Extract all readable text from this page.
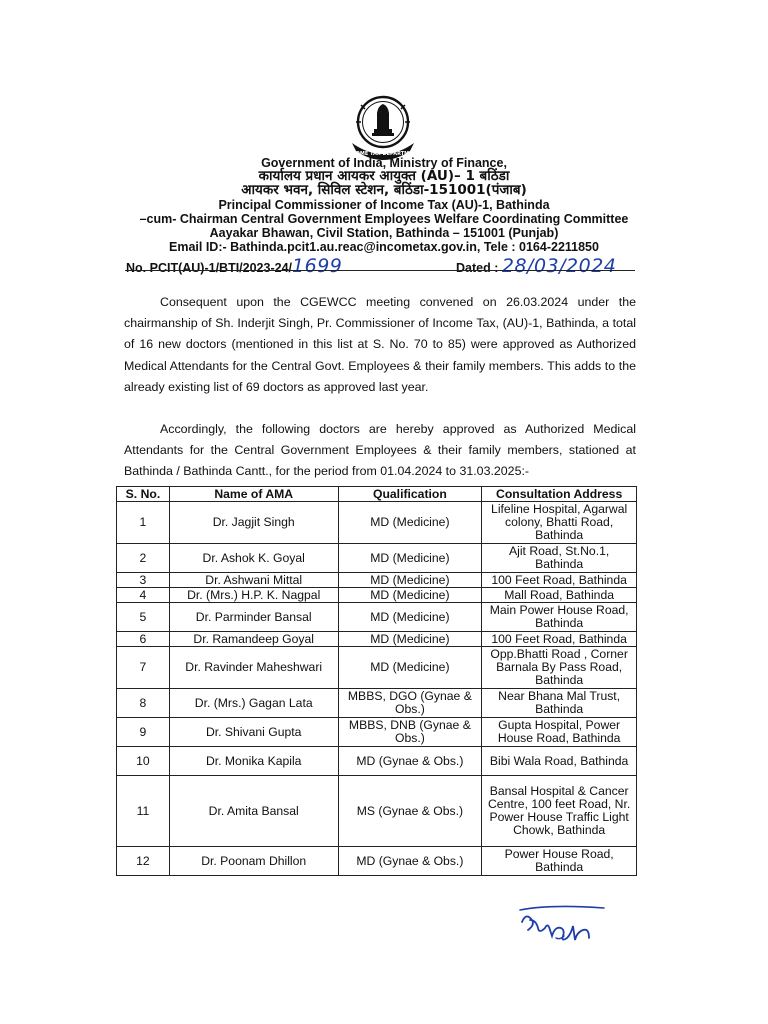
INCOME TAX DEPARTMENT
Government of India, Ministry of Finance,
कार्यालय प्रधान आयकर आयुक्त (AU)– 1 बठिंडा
आयकर भवन, सिविल स्टेशन, बठिंडा-151001(पंजाब)
Principal Commissioner of Income Tax (AU)-1, Bathinda
–cum- Chairman Central Government Employees Welfare Coordinating Committee
Aayakar Bhawan, Civil Station, Bathinda – 151001 (Punjab)
Email ID:- Bathinda.pcit1.au.reac@incometax.gov.in, Tele : 0164-2211850
No. PCIT(AU)-1/BTI/2023-24/1699	Dated : 28/03/2024

Consequent upon the CGEWCC meeting convened on 26.03.2024 under the chairmanship of Sh. Inderjit Singh, Pr. Commissioner of Income Tax, (AU)-1, Bathinda, a total of 16 new doctors (mentioned in this list at S. No. 70 to 85) were approved as Authorized Medical Attendants for the Central Govt. Employees & their family members. This adds to the already existing list of 69 doctors as approved last year.

Accordingly, the following doctors are hereby approved as Authorized Medical Attendants for the Central Government Employees & their family members, stationed at Bathinda / Bathinda Cantt., for the period from 01.04.2024 to 31.03.2025:-

S. No.	Name of AMA	Qualification	Consultation Address
1	Dr. Jagjit Singh	MD (Medicine)	Lifeline Hospital, Agarwal colony, Bhatti Road, Bathinda
2	Dr. Ashok K. Goyal	MD (Medicine)	Ajit Road, St.No.1, Bathinda
3	Dr. Ashwani Mittal	MD (Medicine)	100 Feet Road, Bathinda
4	Dr. (Mrs.) H.P. K. Nagpal	MD (Medicine)	Mall Road, Bathinda
5	Dr. Parminder Bansal	MD (Medicine)	Main Power House Road, Bathinda
6	Dr. Ramandeep Goyal	MD (Medicine)	100 Feet Road, Bathinda
7	Dr. Ravinder Maheshwari	MD (Medicine)	Opp.Bhatti Road , Corner Barnala By Pass Road, Bathinda
8	Dr. (Mrs.) Gagan Lata	MBBS, DGO (Gynae & Obs.)	Near Bhana Mal Trust, Bathinda
9	Dr. Shivani Gupta	MBBS, DNB (Gynae & Obs.)	Gupta Hospital, Power House Road, Bathinda
10	Dr. Monika Kapila	MD (Gynae & Obs.)	Bibi Wala Road, Bathinda
11	Dr. Amita Bansal	MS (Gynae & Obs.)	Bansal Hospital & Cancer Centre, 100 feet Road, Nr. Power House Traffic Light Chowk, Bathinda
12	Dr. Poonam Dhillon	MD (Gynae & Obs.)	Power House Road, Bathinda
